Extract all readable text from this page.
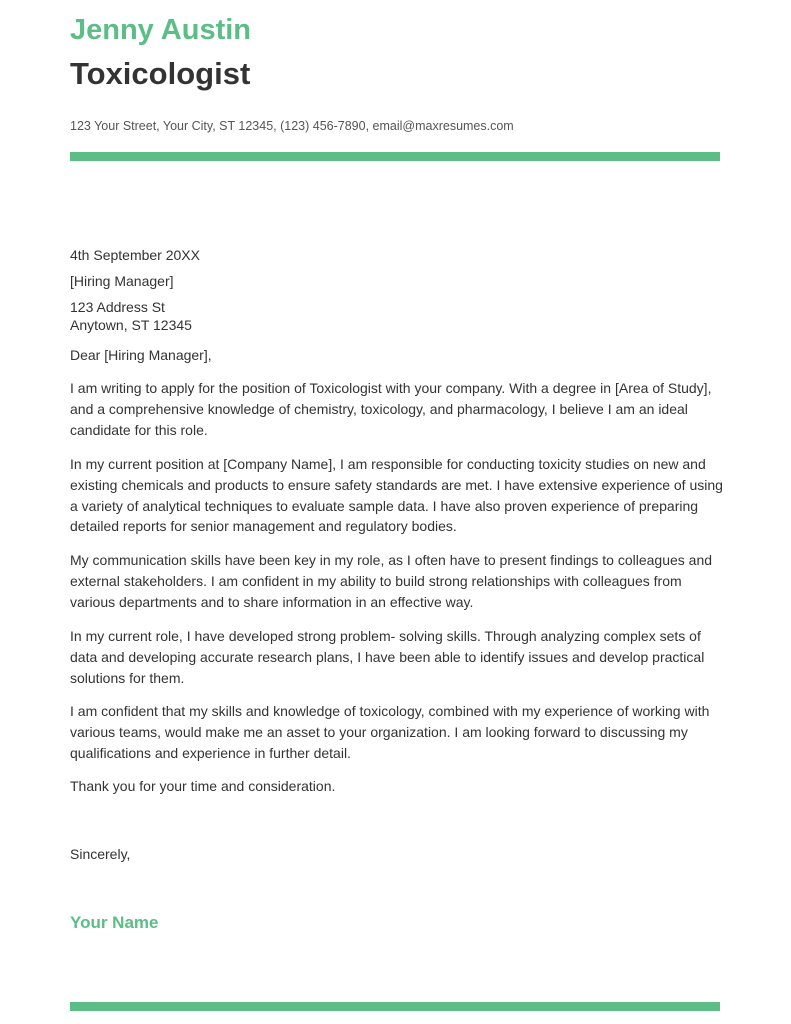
Jenny Austin
Toxicologist
123 Your Street, Your City, ST 12345, (123) 456-7890, email@maxresumes.com
4th September 20XX
[Hiring Manager]
123 Address St
Anytown, ST 12345
Dear [Hiring Manager],
I am writing to apply for the position of Toxicologist with your company. With a degree in [Area of Study], and a comprehensive knowledge of chemistry, toxicology, and pharmacology, I believe I am an ideal candidate for this role.
In my current position at [Company Name], I am responsible for conducting toxicity studies on new and existing chemicals and products to ensure safety standards are met. I have extensive experience of using a variety of analytical techniques to evaluate sample data. I have also proven experience of preparing detailed reports for senior management and regulatory bodies.
My communication skills have been key in my role, as I often have to present findings to colleagues and external stakeholders. I am confident in my ability to build strong relationships with colleagues from various departments and to share information in an effective way.
In my current role, I have developed strong problem- solving skills. Through analyzing complex sets of data and developing accurate research plans, I have been able to identify issues and develop practical solutions for them.
I am confident that my skills and knowledge of toxicology, combined with my experience of working with various teams, would make me an asset to your organization. I am looking forward to discussing my qualifications and experience in further detail.
Thank you for your time and consideration.
Sincerely,
Your Name
